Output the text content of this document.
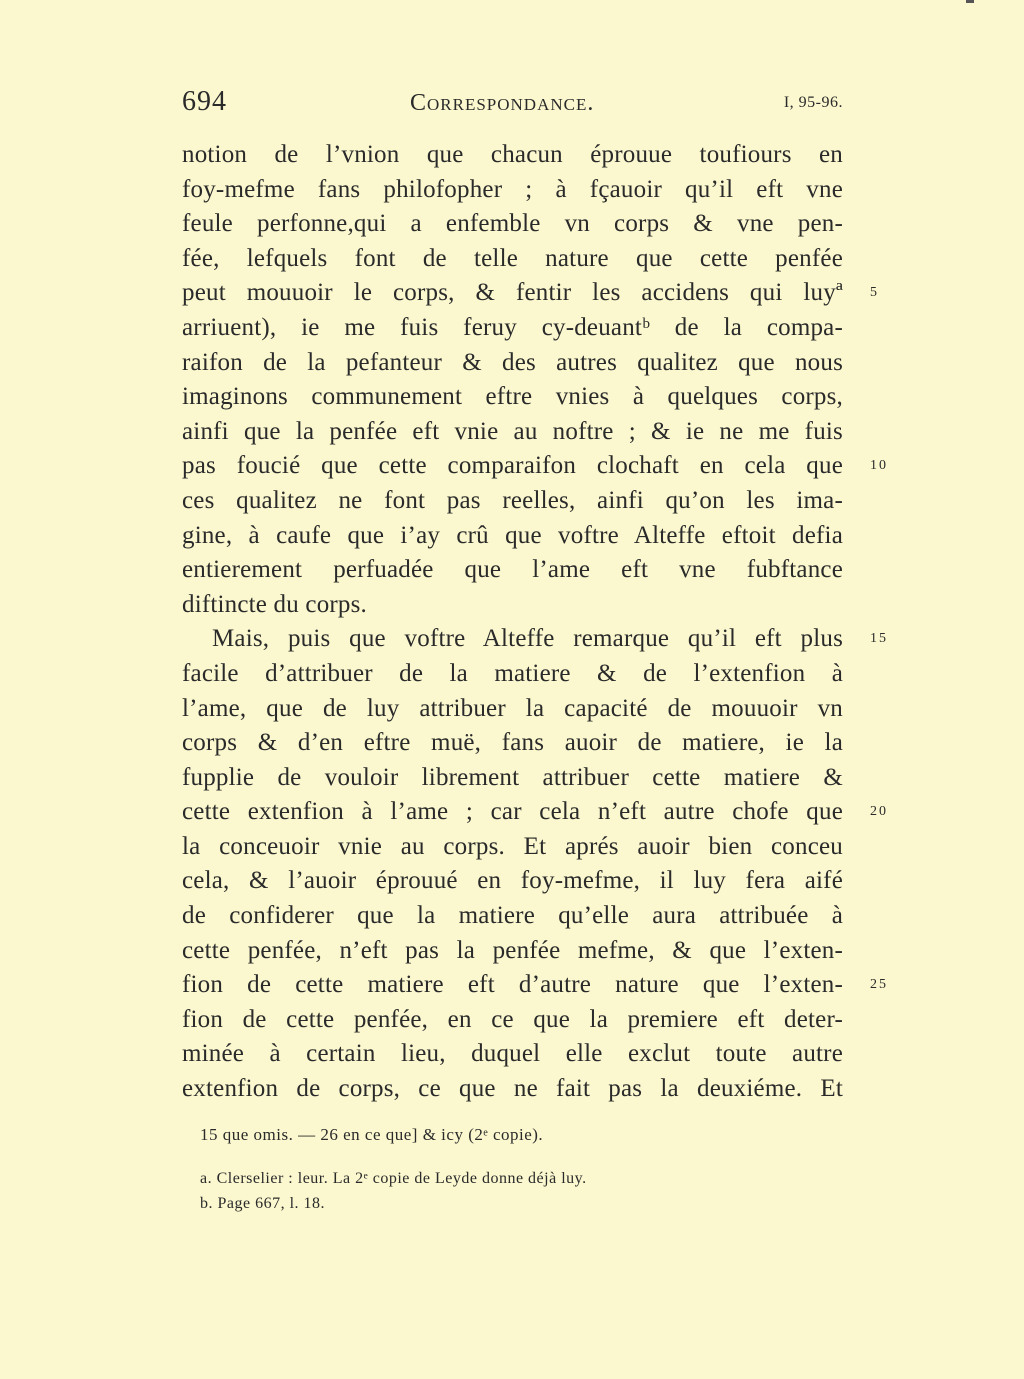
694	Correspondance.	I, 95-96.
notion de l’vnion que chacun éprouue toufiours en
foy-mefme fans philofopher ; à fçauoir qu’il eft vne
feule perfonne,qui a enfemble vn corps & vne pen-
fée, lefquels font de telle nature que cette penfée
peut mouuoir le corps, & fentir les accidens qui luyª 5
arriuent), ie me fuis feruy cy-deuantᵇ de la compa-
raifon de la pefanteur & des autres qualitez que nous
imaginons communement eftre vnies à quelques corps,
ainfi que la penfée eft vnie au noftre ; & ie ne me fuis
pas foucié que cette comparaifon clochaft en cela que 10
ces qualitez ne font pas reelles, ainfi qu’on les ima-
gine, à caufe que i’ay crû que voftre Alteffe eftoit defia
entierement perfuadée que l’ame eft vne fubftance
diftincte du corps.
Mais, puis que voftre Alteffe remarque qu’il eft plus 15
facile d’attribuer de la matiere & de l’extenfion à
l’ame, que de luy attribuer la capacité de mouuoir vn
corps & d’en eftre muë, fans auoir de matiere, ie la
fupplie de vouloir librement attribuer cette matiere &
cette extenfion à l’ame ; car cela n’eft autre chofe que 20
la conceuoir vnie au corps. Et aprés auoir bien conceu
cela, & l’auoir éprouué en foy-mefme, il luy fera aifé
de confiderer que la matiere qu’elle aura attribuée à
cette penfée, n’eft pas la penfée mefme, & que l’exten-
fion de cette matiere eft d’autre nature que l’exten- 25
fion de cette penfée, en ce que la premiere eft deter-
minée à certain lieu, duquel elle exclut toute autre
extenfion de corps, ce que ne fait pas la deuxiéme. Et
15 que omis. — 26 en ce que] & icy (2ᵉ copie).
a. Clerselier : leur. La 2ᵉ copie de Leyde donne déjà luy.
b. Page 667, l. 18.
